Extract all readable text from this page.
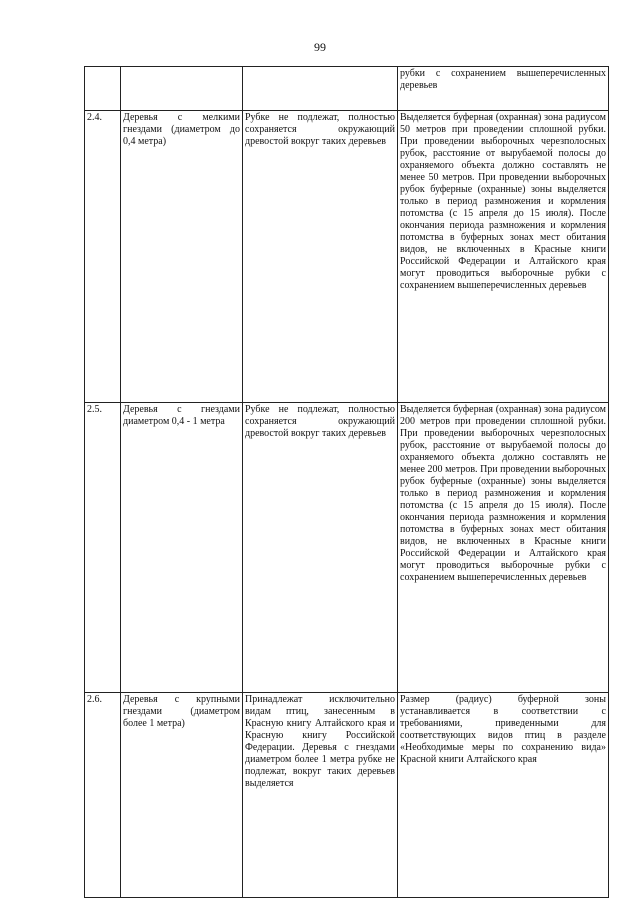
99

			рубки с сохранением вышеперечисленных деревьев

2.4.	Деревья с мелкими гнездами (диаметром до 0,4 метра)	Рубке не подлежат, полностью сохраняется окружающий древостой вокруг таких деревьев	Выделяется буферная (охранная) зона радиусом 50 метров при проведении сплошной рубки. При проведении выборочных черезполосных рубок, расстояние от вырубаемой полосы до охраняемого объекта должно составлять не менее 50 метров. При проведении выборочных рубок буферные (охранные) зоны выделяется только в период размножения и кормления потомства (с 15 апреля до 15 июля). После окончания периода размножения и кормления потомства в буферных зонах мест обитания видов, не включенных в Красные книги Российской Федерации и Алтайского края могут проводиться выборочные рубки с сохранением вышеперечисленных деревьев

2.5.	Деревья с гнездами диаметром 0,4 - 1 метра	Рубке не подлежат, полностью сохраняется окружающий древостой вокруг таких деревьев	Выделяется буферная (охранная) зона радиусом 200 метров при проведении сплошной рубки. При проведении выборочных черезполосных рубок, расстояние от вырубаемой полосы до охраняемого объекта должно составлять не менее 200 метров. При проведении выборочных рубок буферные (охранные) зоны выделяется только в период размножения и кормления потомства (с 15 апреля до 15 июля). После окончания периода размножения и кормления потомства в буферных зонах мест обитания видов, не включенных в Красные книги Российской Федерации и Алтайского края могут проводиться выборочные рубки с сохранением вышеперечисленных деревьев

2.6.	Деревья с крупными гнездами (диаметром более 1 метра)	Принадлежат исключительно видам птиц, занесенным в Красную книгу Алтайского края и Красную книгу Российской Федерации. Деревья с гнездами диаметром более 1 метра рубке не подлежат, вокруг таких деревьев выделяется	Размер (радиус) буферной зоны устанавливается в соответствии с требованиями, приведенными для соответствующих видов птиц в разделе «Необходимые меры по сохранению вида» Красной книги Алтайского края
